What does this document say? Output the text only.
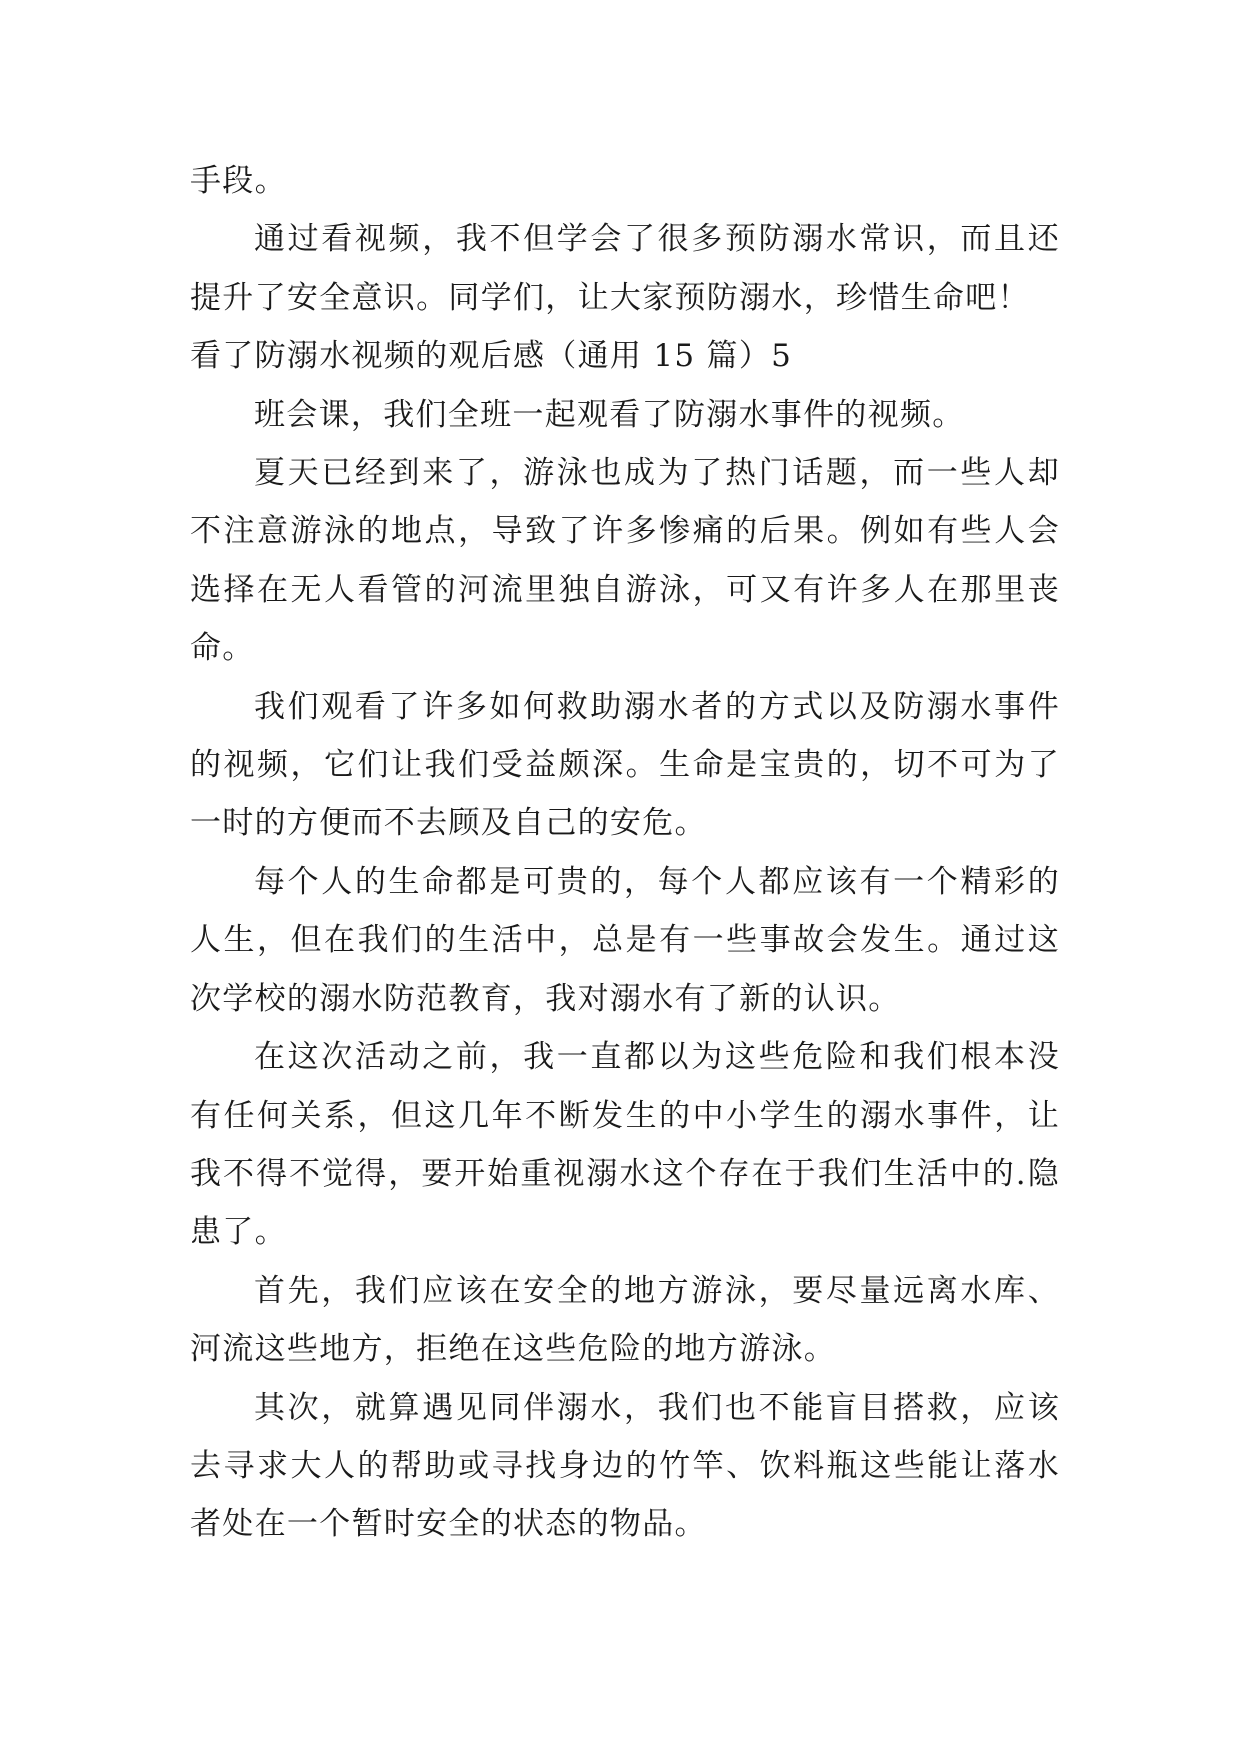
手段。

通过看视频，我不但学会了很多预防溺水常识，而且还提升了安全意识。同学们，让大家预防溺水，珍惜生命吧！

看了防溺水视频的观后感（通用 15 篇）5

班会课，我们全班一起观看了防溺水事件的视频。

夏天已经到来了，游泳也成为了热门话题，而一些人却不注意游泳的地点，导致了许多惨痛的后果。例如有些人会选择在无人看管的河流里独自游泳，可又有许多人在那里丧命。

我们观看了许多如何救助溺水者的方式以及防溺水事件的视频，它们让我们受益颇深。生命是宝贵的，切不可为了一时的方便而不去顾及自己的安危。

每个人的生命都是可贵的，每个人都应该有一个精彩的人生，但在我们的生活中，总是有一些事故会发生。通过这次学校的溺水防范教育，我对溺水有了新的认识。

在这次活动之前，我一直都以为这些危险和我们根本没有任何关系，但这几年不断发生的中小学生的溺水事件，让我不得不觉得，要开始重视溺水这个存在于我们生活中的.隐患了。

首先，我们应该在安全的地方游泳，要尽量远离水库、河流这些地方，拒绝在这些危险的地方游泳。

其次，就算遇见同伴溺水，我们也不能盲目搭救，应该去寻求大人的帮助或寻找身边的竹竿、饮料瓶这些能让落水者处在一个暂时安全的状态的物品。
